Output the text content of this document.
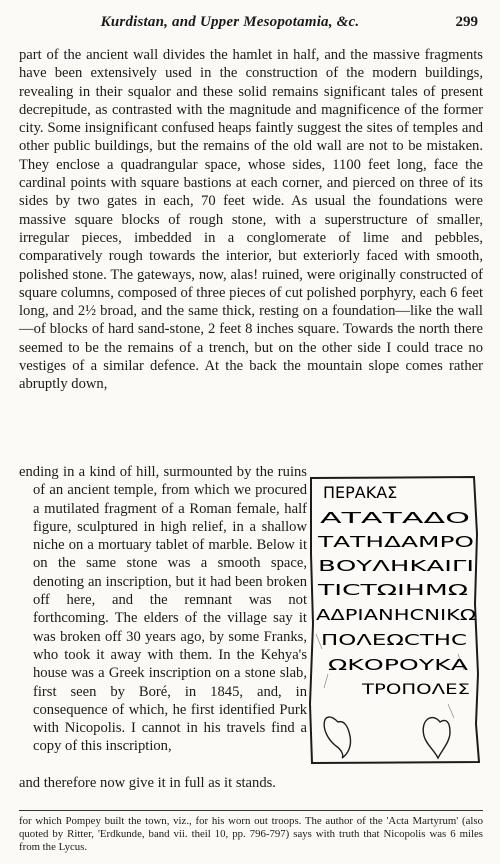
Kurdistan, and Upper Mesopotamia, &c.	299

part of the ancient wall divides the hamlet in half, and the massive fragments have been extensively used in the construction of the modern buildings, revealing in their squalor and these solid remains significant tales of present decrepitude, as contrasted with the magnitude and magnificence of the former city. Some insignificant confused heaps faintly suggest the sites of temples and other public buildings, but the remains of the old wall are not to be mistaken. They enclose a quadrangular space, whose sides, 1100 feet long, face the cardinal points with square bastions at each corner, and pierced on three of its sides by two gates in each, 70 feet wide. As usual the foundations were massive square blocks of rough stone, with a superstructure of smaller, irregular pieces, imbedded in a conglomerate of lime and pebbles, comparatively rough towards the interior, but exteriorly faced with smooth, polished stone. The gateways, now, alas! ruined, were originally constructed of square columns, composed of three pieces of cut polished porphyry, each 6 feet long, and 2½ broad, and the same thick, resting on a foundation—like the wall—of blocks of hard sand-stone, 2 feet 8 inches square. Towards the north there seemed to be the remains of a trench, but on the other side I could trace no vestiges of a similar defence. At the back the mountain slope comes rather abruptly down,

ending in a kind of hill, surmounted by the ruins of an ancient temple, from which we procured a mutilated fragment of a Roman female, half figure, sculptured in high relief, in a shallow niche on a mortuary tablet of marble. Below it on the same stone was a smooth space, denoting an inscription, but it had been broken off here, and the remnant was not forthcoming. The elders of the village say it was broken off 30 years ago, by some Franks, who took it away with them. In the Kehya's house was a Greek inscription on a stone slab, first seen by Boré, in 1845, and, in consequence of which, he first identified Purk with Nicopolis. I cannot in his travels find a copy of this inscription,
ΠΕΡΑΚΑΣ
ΑΤΑΤΑΔΟ
ΤΑΤΗΔΑΜΡΟ
ΒΟΥΛΗΚΑΙΓΙ
ΤΙCΤΩΙΗΜΩ
ΑΔΡΙΑΝΗCΝΙΚΩ
ΠΟΛΕΩCΤΗC
ΩΚΟΡΟΥΚΑ
ΤΡΟΠΟΛΕΣ
and therefore now give it in full as it stands.
for which Pompey built the town, viz., for his worn out troops. The author of the 'Acta Martyrum' (also quoted by Ritter, 'Erdkunde, band vii. theil 10, pp. 796-797) says with truth that Nicopolis was 6 miles from the Lycus.
